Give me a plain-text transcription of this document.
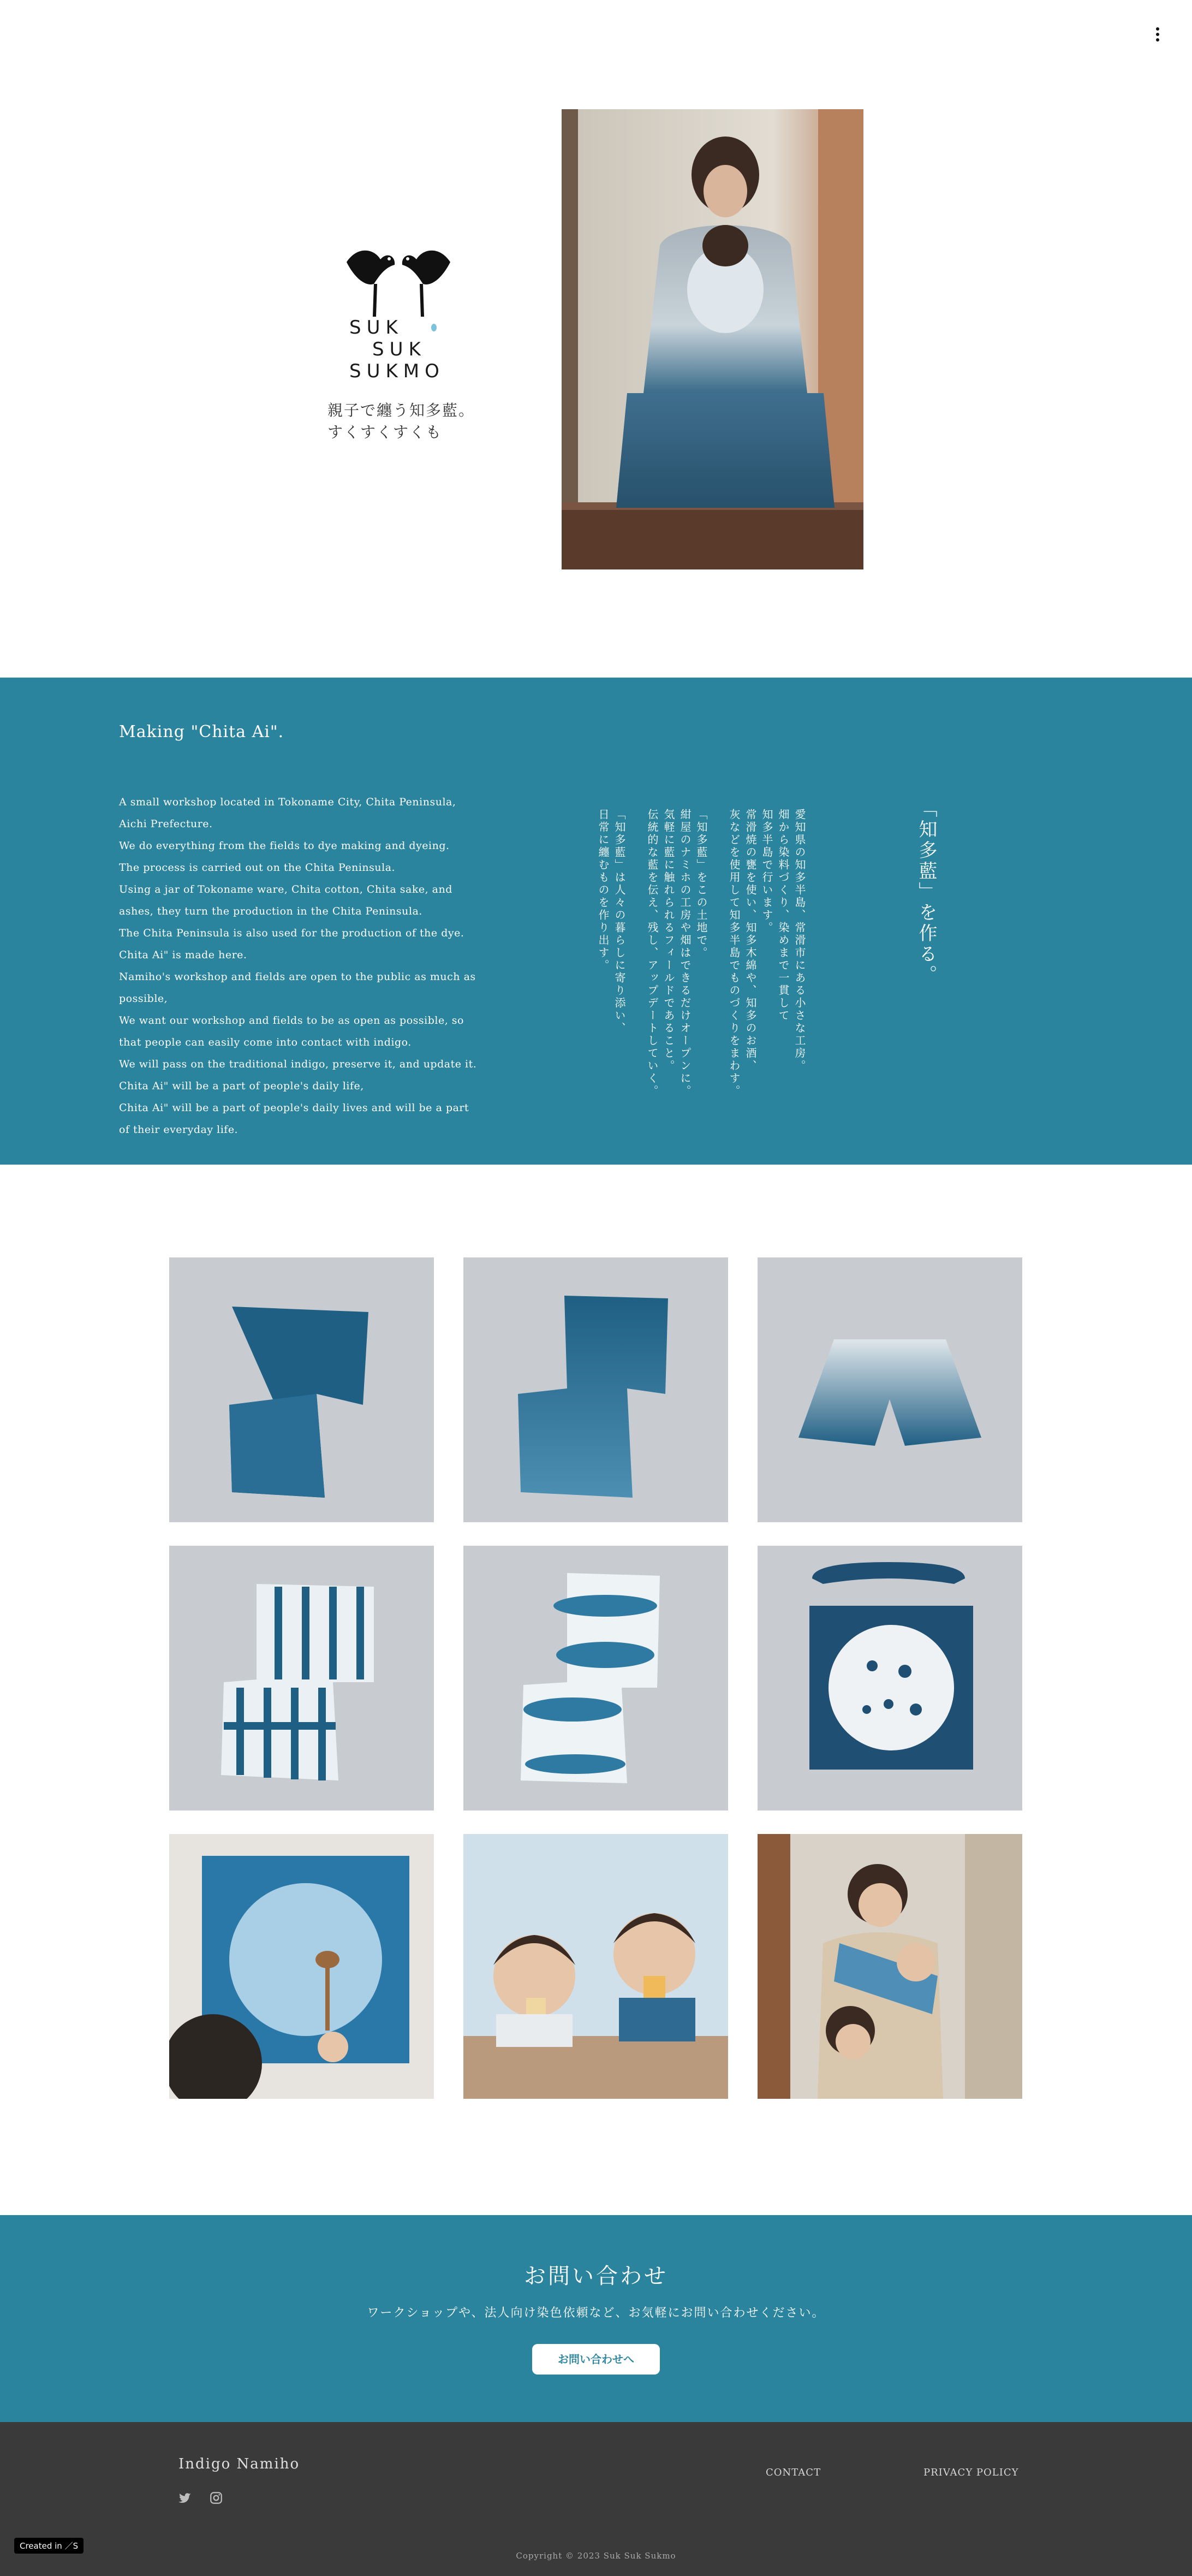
SUK
SUK
SUKMO
親子で纏う知多藍。
すくすくすくも
Making "Chita Ai".

A small workshop located in Tokoname City, Chita Peninsula, Aichi Prefecture.

We do everything from the fields to dye making and dyeing.

The process is carried out on the Chita Peninsula.

Using a jar of Tokoname ware, Chita cotton, Chita sake, and ashes, they turn the production in the Chita Peninsula.

The Chita Peninsula is also used for the production of the dye.

Chita Ai" is made here.

Namiho's workshop and fields are open to the public as much as possible,

We want our workshop and fields to be as open as possible, so that people can easily come into contact with indigo.

We will pass on the traditional indigo, preserve it, and update it.

Chita Ai" will be a part of people's daily life,

Chita Ai" will be a part of people's daily lives and will be a part of their everyday life.

「知多藍」を作る。
愛知県の知多半島、常滑市にある小さな工房。
畑から染料づくり、染めまで一貫して
知多半島で行います。
常滑焼の甕を使い、知多木綿や、知多のお酒、
灰などを使用して知多半島でものづくりをまわす。
「知多藍」をこの土地で。
紺屋のナミホの工房や畑はできるだけオープンに。
気軽に藍に触れられるフィールドであること。
伝統的な藍を伝え、残し、アップデートしていく。
「知多藍」は人々の暮らしに寄り添い、
日常に纏むものを作り出す。
お問い合わせ

ワークショップや、法人向け染色依頼など、お気軽にお問い合わせください。

お問い合わせへ
Indigo Namiho
CONTACT	PRIVACY POLICY
Copyright © 2023 Suk Suk Sukmo
Created in ／S
